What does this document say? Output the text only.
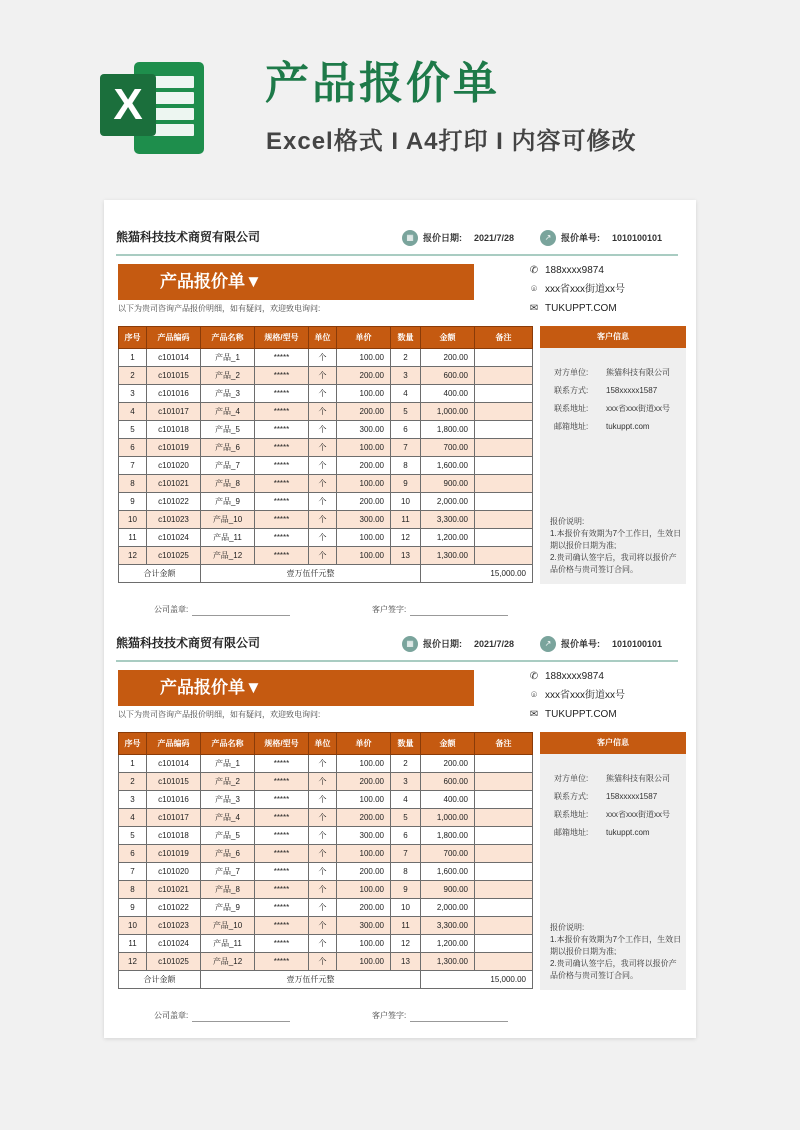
X	产品报价单
Excel格式 I A4打印 I 内容可修改
熊猫科技技术商贸有限公司	▦	报价日期: 2021/7/28	↗	报价单号: 1010100101
产品报价单▼
以下为贵司咨询产品报价明细，如有疑问，欢迎致电询问:
✆ 188xxxx9874
⌾ xxx省xxx街道xx号
✉ TUKUPPT.COM
序号	产品编码	产品名称	规格/型号	单位	单价	数量	金额	备注
1	c101014	产品_1	*****	个	100.00	2	200.00	
2	c101015	产品_2	*****	个	200.00	3	600.00	
3	c101016	产品_3	*****	个	100.00	4	400.00	
4	c101017	产品_4	*****	个	200.00	5	1,000.00	
5	c101018	产品_5	*****	个	300.00	6	1,800.00	
6	c101019	产品_6	*****	个	100.00	7	700.00	
7	c101020	产品_7	*****	个	200.00	8	1,600.00	
8	c101021	产品_8	*****	个	100.00	9	900.00	
9	c101022	产品_9	*****	个	200.00	10	2,000.00	
10	c101023	产品_10	*****	个	300.00	11	3,300.00	
11	c101024	产品_11	*****	个	100.00	12	1,200.00	
12	c101025	产品_12	*****	个	100.00	13	1,300.00	
合计金额		壹万伍仟元整					15,000.00	
客户信息
对方单位:	熊猫科技有限公司
联系方式:	158xxxxx1587
联系地址:	xxx省xxx街道xx号
邮箱地址:	tukuppt.com
报价说明:
1.本报价有效期为7个工作日，生效日期以报价日期为准;
2.贵司确认签字后，我司将以报价产品价格与贵司签订合同。
公司盖章:	客户签字:
熊猫科技技术商贸有限公司	▦	报价日期: 2021/7/28	↗	报价单号: 1010100101
产品报价单▼
以下为贵司咨询产品报价明细，如有疑问，欢迎致电询问:
✆ 188xxxx9874
⌾ xxx省xxx街道xx号
✉ TUKUPPT.COM
序号	产品编码	产品名称	规格/型号	单位	单价	数量	金额	备注
1	c101014	产品_1	*****	个	100.00	2	200.00	
2	c101015	产品_2	*****	个	200.00	3	600.00	
3	c101016	产品_3	*****	个	100.00	4	400.00	
4	c101017	产品_4	*****	个	200.00	5	1,000.00	
5	c101018	产品_5	*****	个	300.00	6	1,800.00	
6	c101019	产品_6	*****	个	100.00	7	700.00	
7	c101020	产品_7	*****	个	200.00	8	1,600.00	
8	c101021	产品_8	*****	个	100.00	9	900.00	
9	c101022	产品_9	*****	个	200.00	10	2,000.00	
10	c101023	产品_10	*****	个	300.00	11	3,300.00	
11	c101024	产品_11	*****	个	100.00	12	1,200.00	
12	c101025	产品_12	*****	个	100.00	13	1,300.00	
合计金额		壹万伍仟元整					15,000.00	
客户信息
对方单位:	熊猫科技有限公司
联系方式:	158xxxxx1587
联系地址:	xxx省xxx街道xx号
邮箱地址:	tukuppt.com
报价说明:
1.本报价有效期为7个工作日，生效日期以报价日期为准;
2.贵司确认签字后，我司将以报价产品价格与贵司签订合同。
公司盖章:	客户签字:
